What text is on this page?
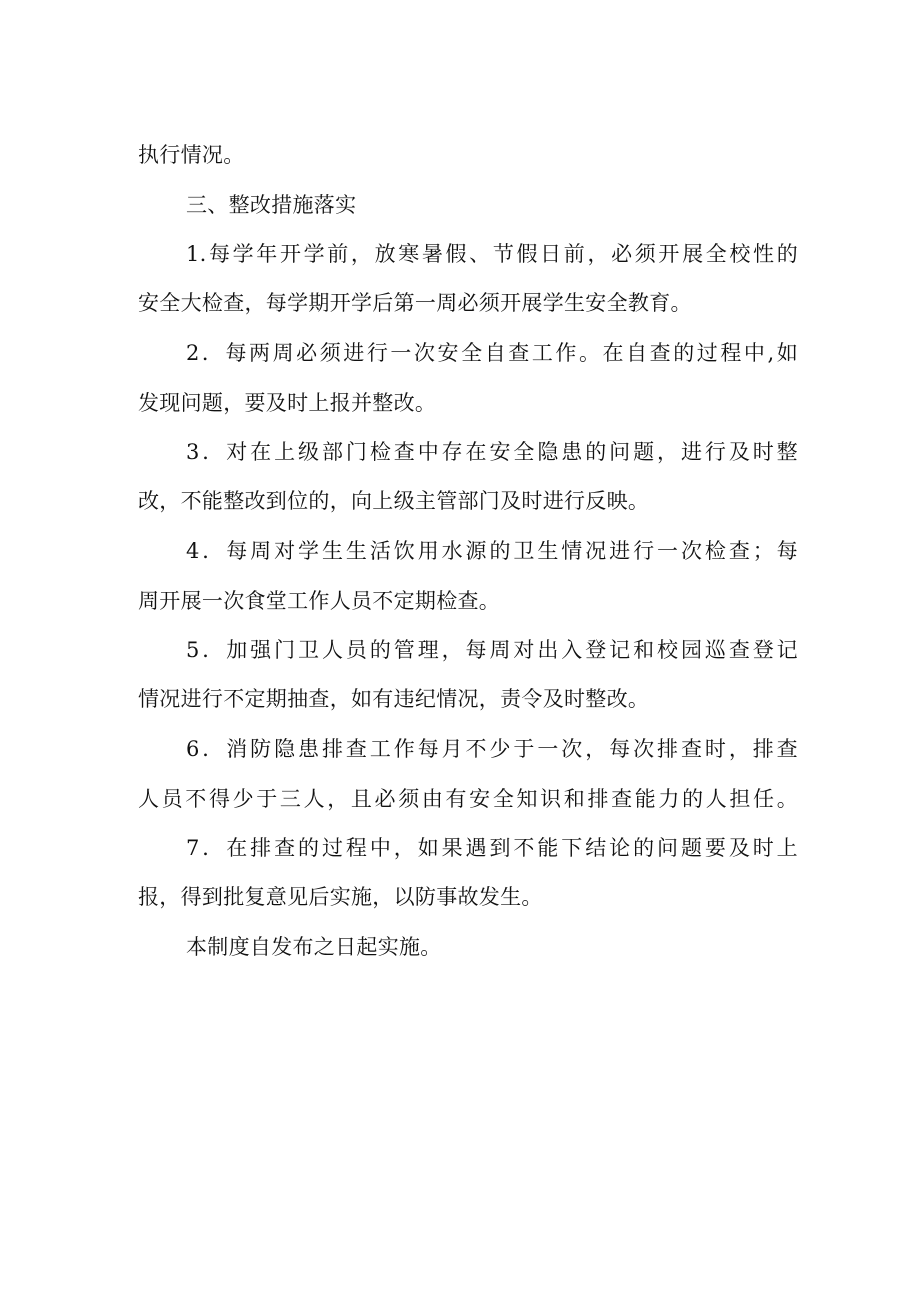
执行情况。
三、整改措施落实
1.每学年开学前，放寒暑假、节假日前，必须开展全校性的
安全大检查，每学期开学后第一周必须开展学生安全教育。
2．每两周必须进行一次安全自查工作。在自查的过程中,如
发现问题，要及时上报并整改。
3．对在上级部门检查中存在安全隐患的问题，进行及时整
改，不能整改到位的，向上级主管部门及时进行反映。
4．每周对学生生活饮用水源的卫生情况进行一次检查；每
周开展一次食堂工作人员不定期检查。
5．加强门卫人员的管理，每周对出入登记和校园巡查登记
情况进行不定期抽查，如有违纪情况，责令及时整改。
6．消防隐患排查工作每月不少于一次，每次排查时，排查
人员不得少于三人，且必须由有安全知识和排查能力的人担任。
7．在排查的过程中，如果遇到不能下结论的问题要及时上
报，得到批复意见后实施，以防事故发生。
本制度自发布之日起实施。
